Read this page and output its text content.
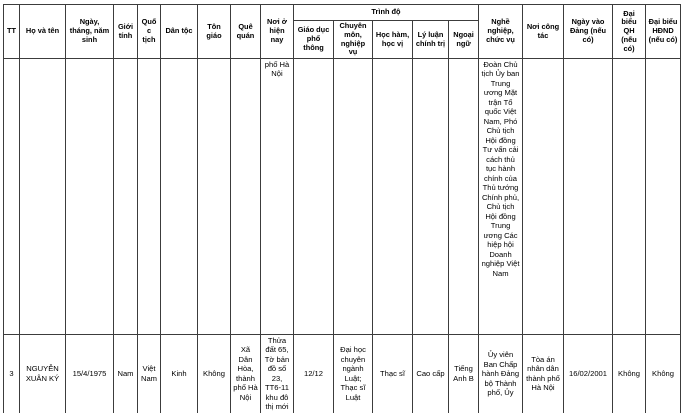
TT	Họ và tên	Ngày, tháng, năm sinh	Giới tính	Quốc tịch	Dân tộc	Tôn giáo	Quê quán	Nơi ở hiện nay	Trình độ					Nghề nghiệp, chức vụ	Nơi công tác	Ngày vào Đảng (nếu có)	Đại biểu QH (nếu có)	Đại biểu HĐND (nếu có)
									Giáo dục phổ thông	Chuyên môn, nghiệp vụ	Học hàm, học vị	Lý luận chính trị	Ngoại ngữ					
								phố Hà Nội						Đoàn Chủ tịch Ủy ban Trung ương Mặt trận Tổ quốc Việt Nam, Phó Chủ tịch Hội đồng Tư vấn cải cách thủ tục hành chính của Thủ tướng Chính phủ, Chủ tịch Hội đồng Trung ương Các hiệp hội Doanh nghiệp Việt Nam				
3	NGUYỄN XUÂN KÝ	15/4/1975	Nam	Việt Nam	Kinh	Không	Xã Dân Hòa, thành phố Hà Nội	Thửa đất 65, Tờ bản đồ số 23, TT6-11 khu đô thị mới	12/12	Đại học chuyên ngành Luật; Thạc sĩ Luật	Thạc sĩ	Cao cấp	Tiếng Anh B	Ủy viên Ban Chấp hành Đảng bộ Thành phố, Ủy	Tòa án nhân dân thành phố Hà Nội	16/02/2001	Không	Không
